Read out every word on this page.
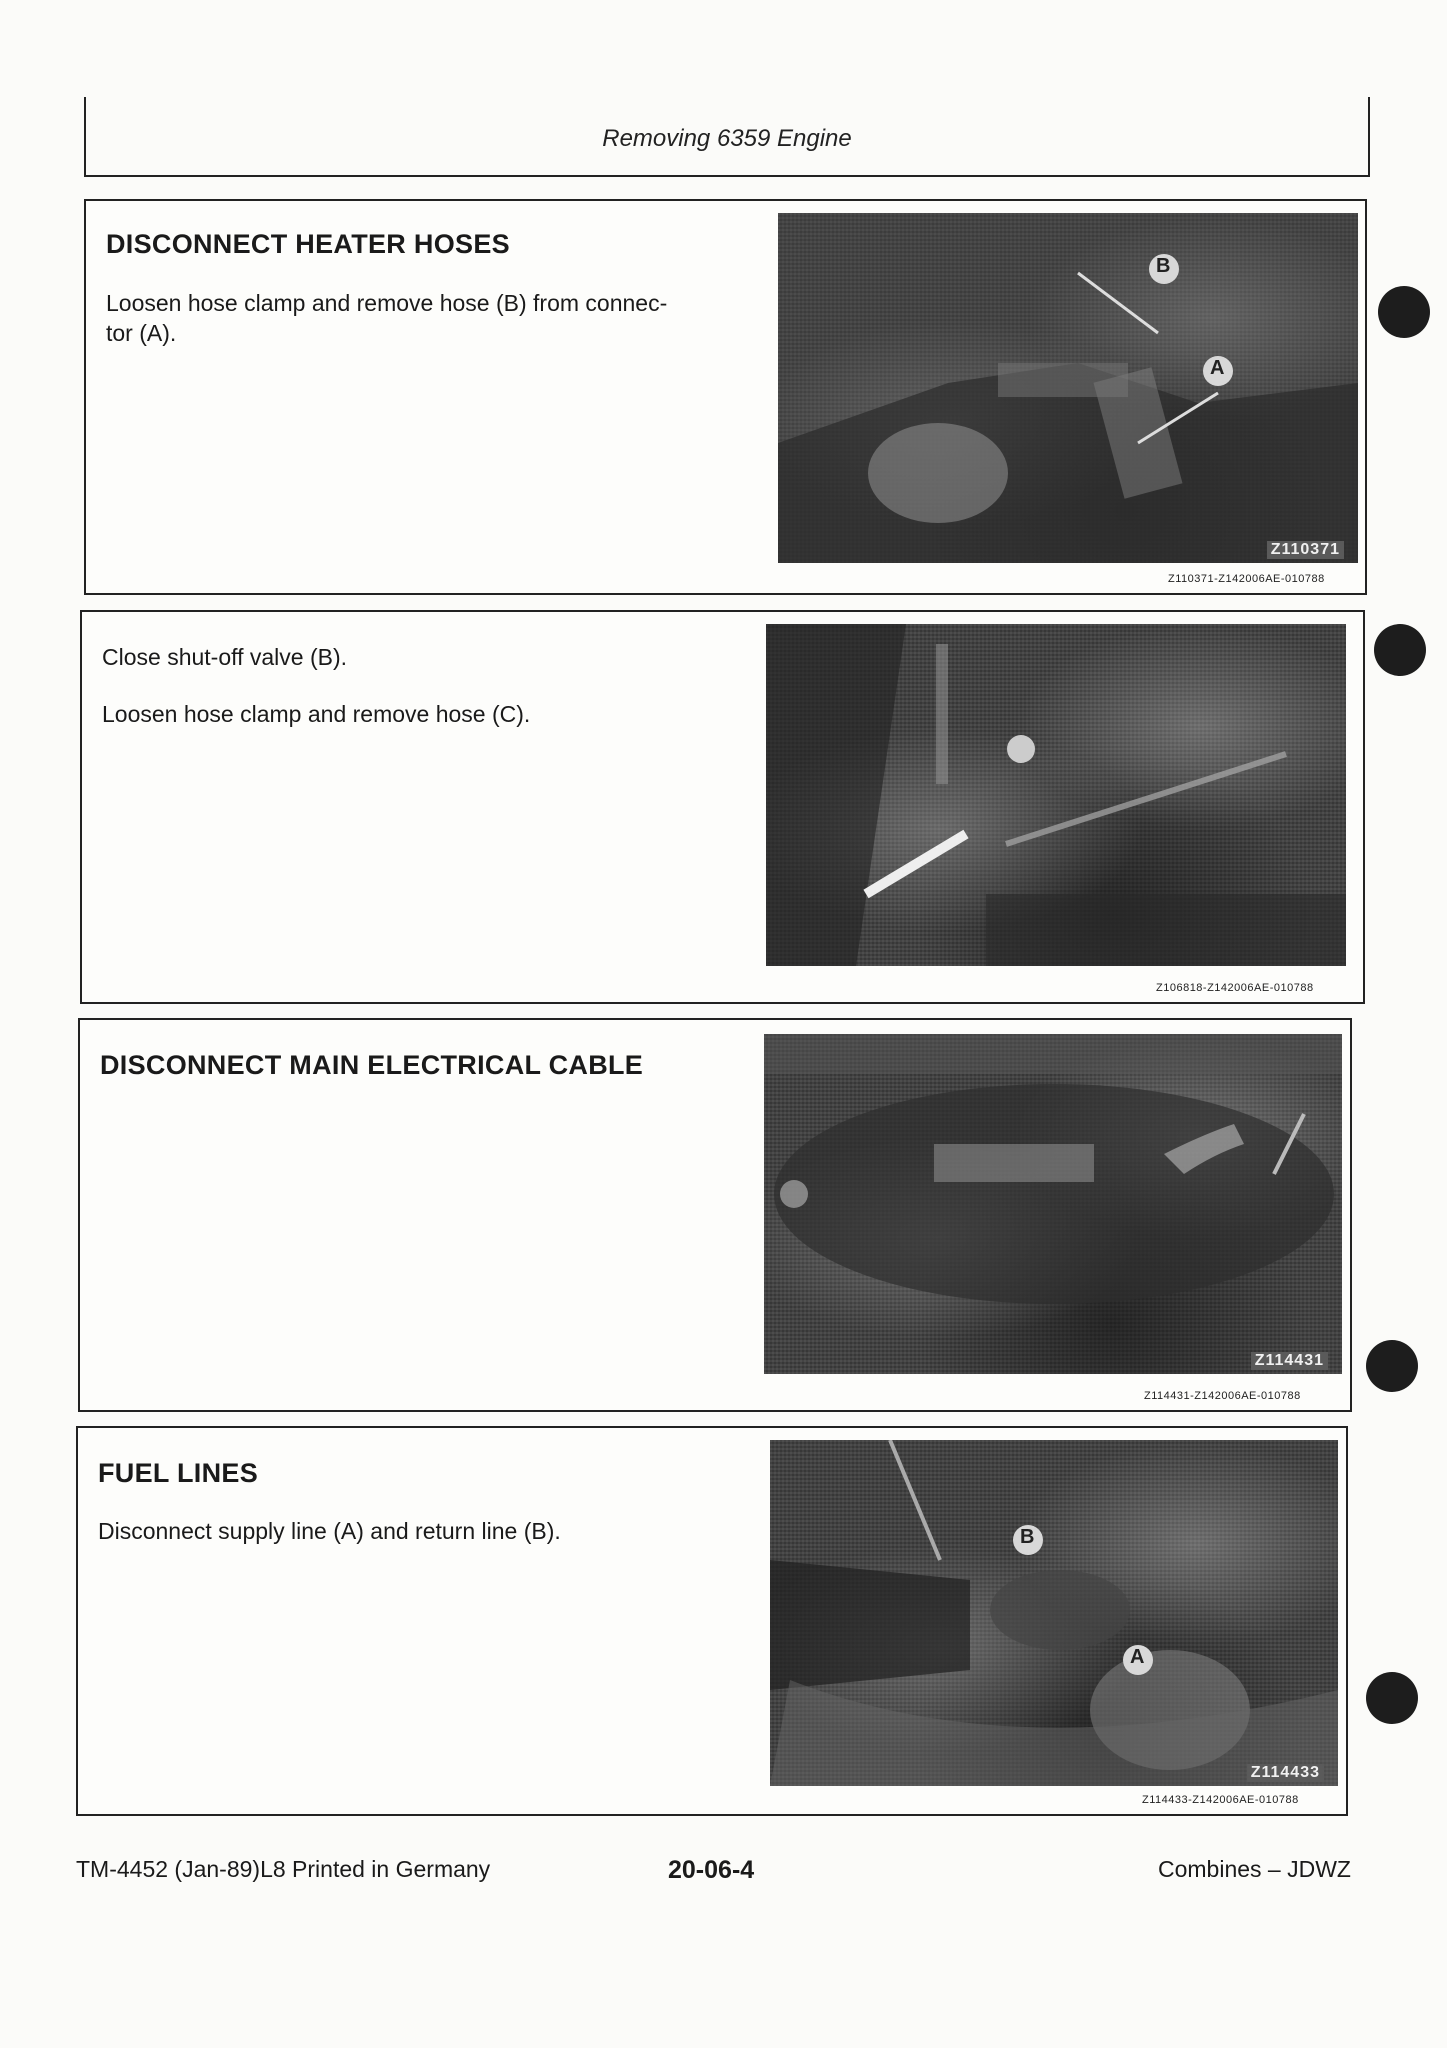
Removing 6359 Engine
DISCONNECT HEATER HOSES
Loosen hose clamp and remove hose (B) from connec-
tor (A).
B
A
Z110371
Z110371-Z142006AE-010788
Close shut-off valve (B).
Loosen hose clamp and remove hose (C).
Z106818-Z142006AE-010788
DISCONNECT MAIN ELECTRICAL CABLE
Z114431
Z114431-Z142006AE-010788
FUEL LINES
Disconnect supply line (A) and return line (B).	B
A
Z114433
Z114433-Z142006AE-010788
TM-4452 (Jan-89)L8 Printed in Germany	20-06-4	Combines – JDWZ
